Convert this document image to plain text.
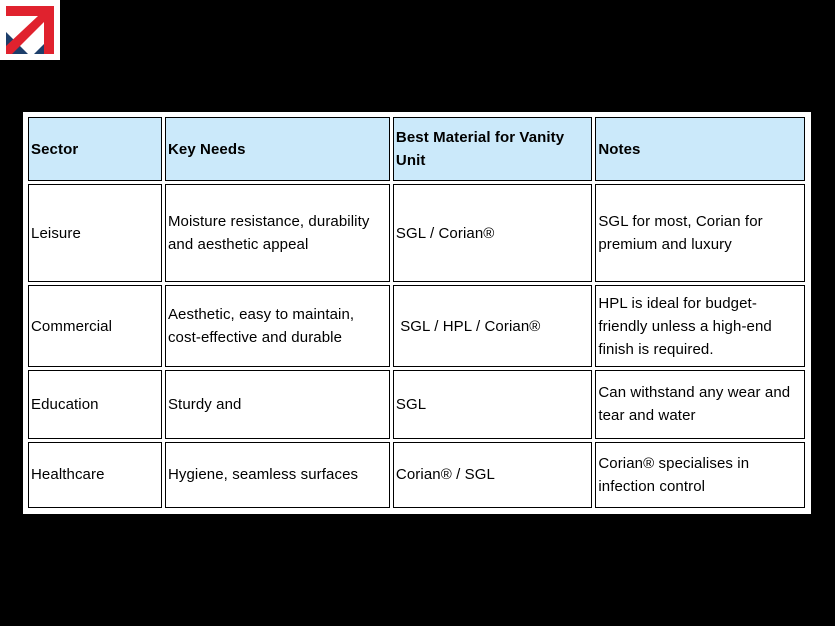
Sector	Key Needs	Best Material for Vanity Unit	Notes
Leisure	Moisture resistance, durability and aesthetic appeal	SGL / Corian®	SGL for most, Corian for premium and luxury
Commercial	Aesthetic, easy to maintain, cost-effective and durable	SGL / HPL / Corian®	HPL is ideal for budget-friendly unless a high-end finish is required.
Education	Sturdy and	SGL	Can withstand any wear and tear and water
Healthcare	Hygiene, seamless surfaces	Corian® / SGL	Corian® specialises in infection control
